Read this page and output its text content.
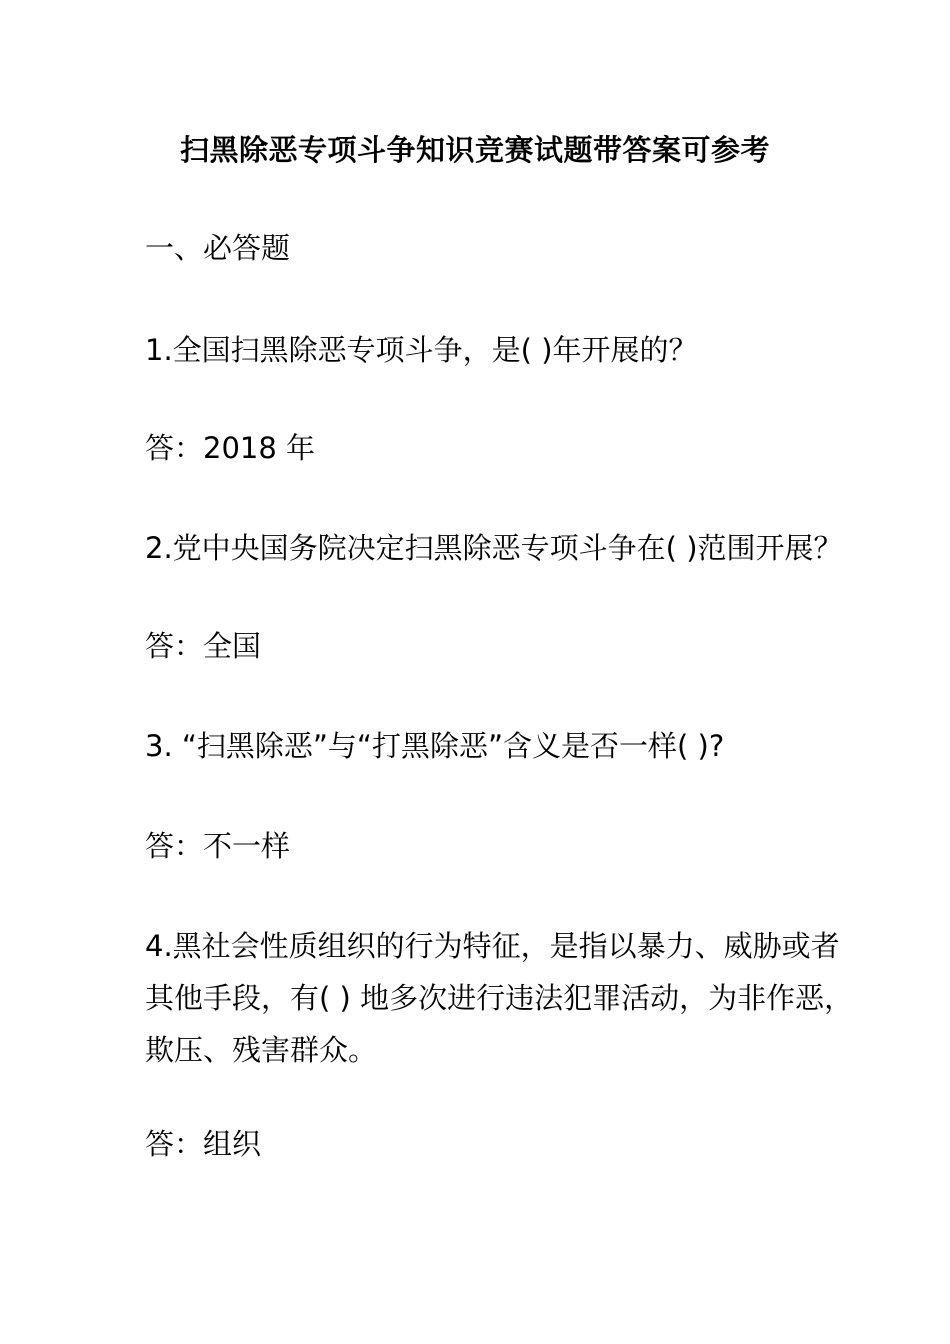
扫黑除恶专项斗争知识竞赛试题带答案可参考
一、必答题
1.全国扫黑除恶专项斗争，是( )年开展的？
答：2018 年
2.党中央国务院决定扫黑除恶专项斗争在( )范围开展？
答：全国
3. “扫黑除恶”与“打黑除恶”含义是否一样( )?
答：不一样
4.黑社会性质组织的行为特征，是指以暴力、威胁或者
其他手段，有( ) 地多次进行违法犯罪活动，为非作恶，
欺压、残害群众。
答：组织
